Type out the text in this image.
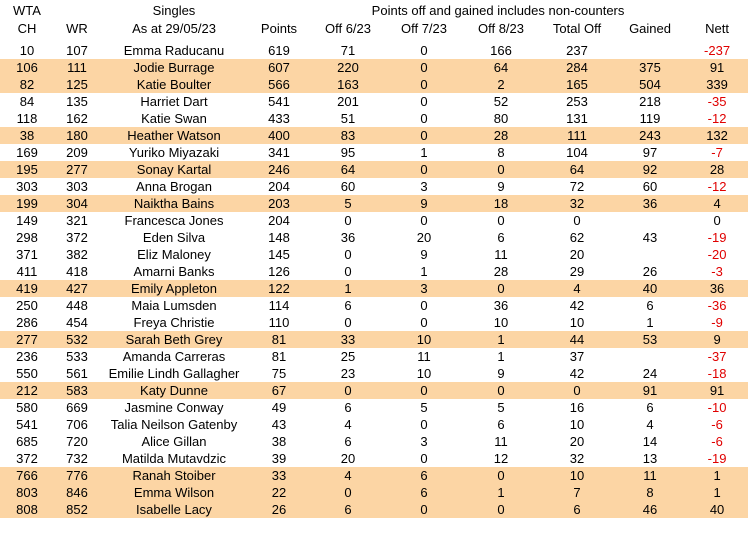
WTA		Singles		Points off and gained includes non-counters					
CH	WR	As at 29/05/23	Points	Off 6/23	Off 7/23	Off 8/23	Total Off	Gained	Nett

10	107	Emma Raducanu	619	71	0	166	237		-237
106	111	Jodie Burrage	607	220	0	64	284	375	91
82	125	Katie Boulter	566	163	0	2	165	504	339
84	135	Harriet Dart	541	201	0	52	253	218	-35
118	162	Katie Swan	433	51	0	80	131	119	-12
38	180	Heather Watson	400	83	0	28	111	243	132
169	209	Yuriko Miyazaki	341	95	1	8	104	97	-7
195	277	Sonay Kartal	246	64	0	0	64	92	28
303	303	Anna Brogan	204	60	3	9	72	60	-12
199	304	Naiktha Bains	203	5	9	18	32	36	4
149	321	Francesca Jones	204	0	0	0	0		0
298	372	Eden Silva	148	36	20	6	62	43	-19
371	382	Eliz Maloney	145	0	9	11	20		-20
411	418	Amarni Banks	126	0	1	28	29	26	-3
419	427	Emily Appleton	122	1	3	0	4	40	36
250	448	Maia Lumsden	114	6	0	36	42	6	-36
286	454	Freya Christie	110	0	0	10	10	1	-9
277	532	Sarah Beth Grey	81	33	10	1	44	53	9
236	533	Amanda Carreras	81	25	11	1	37		-37
550	561	Emilie Lindh Gallagher	75	23	10	9	42	24	-18
212	583	Katy Dunne	67	0	0	0	0	91	91
580	669	Jasmine Conway	49	6	5	5	16	6	-10
541	706	Talia Neilson Gatenby	43	4	0	6	10	4	-6
685	720	Alice Gillan	38	6	3	11	20	14	-6
372	732	Matilda Mutavdzic	39	20	0	12	32	13	-19
766	776	Ranah Stoiber	33	4	6	0	10	11	1
803	846	Emma Wilson	22	0	6	1	7	8	1
808	852	Isabelle Lacy	26	6	0	0	6	46	40
